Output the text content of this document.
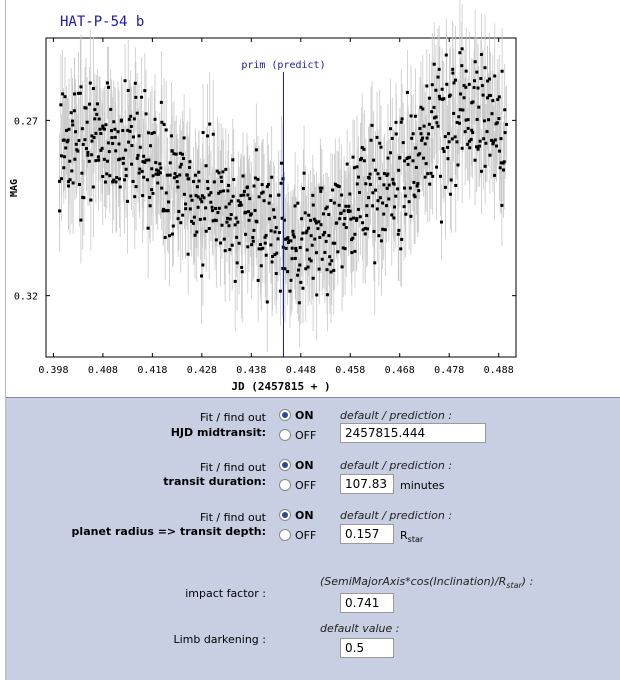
HAT-P-54 b
prim (predict)
0.398 0.408 0.418 0.428 0.438 0.448 0.458 0.468 0.478 0.488
0.27
0.32
JD (2457815 + )
MAG
Fit / find out
HJD midtransit:
ON
OFF
default / prediction :
2457815.444
Fit / find out
transit duration:
ON
OFF
default / prediction :
107.83	minutes
Fit / find out
planet radius => transit depth:
ON
OFF
default / prediction :
0.157	$R_{star}$
impact factor :
$(SemiMajorAxis*\cos(Inclination)/R_{star})$ :
0.741
Limb darkening :
default value :
0.5
